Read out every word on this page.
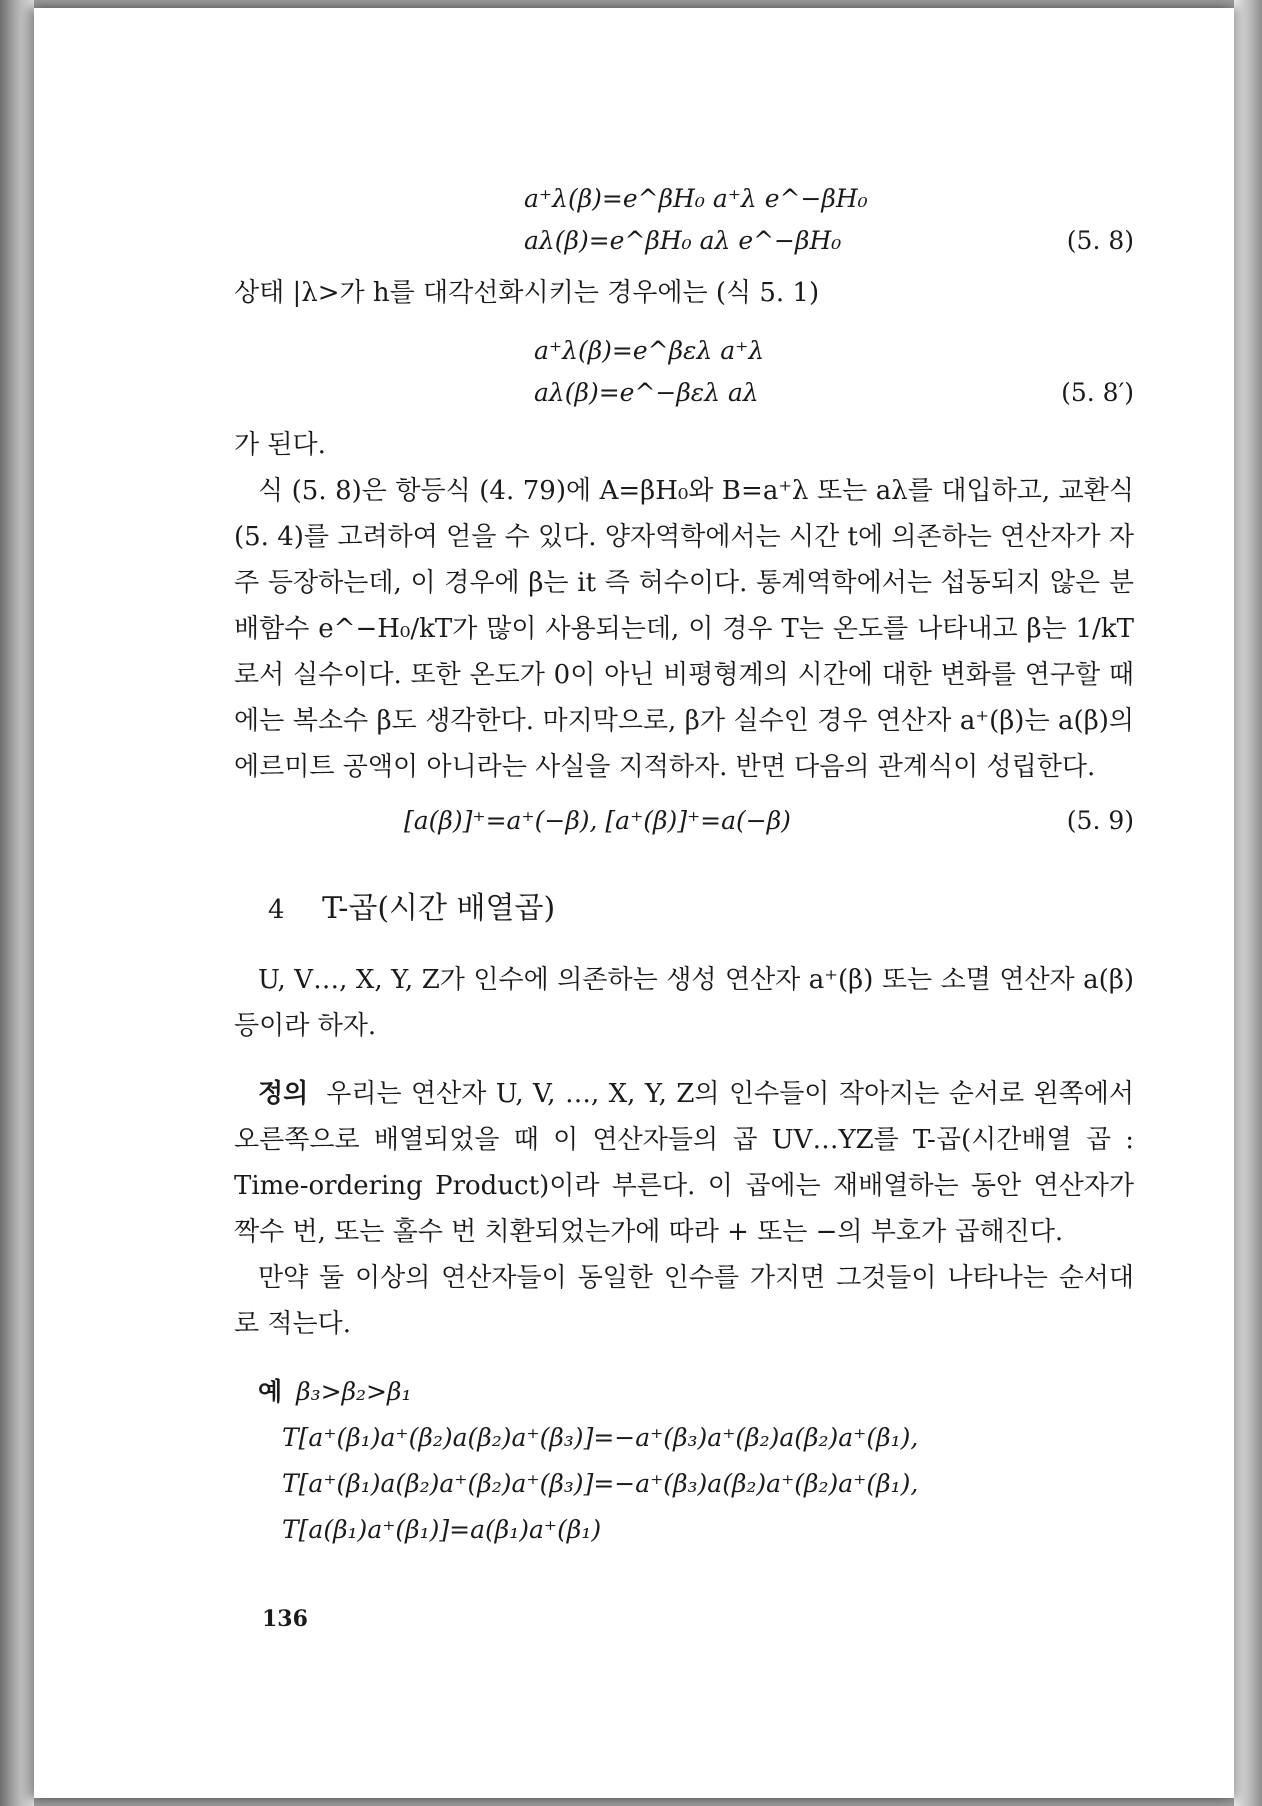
a⁺λ(β)=e^βH₀ a⁺λ e^−βH₀
aλ(β)=e^βH₀ aλ e^−βH₀	(5. 8)

상태 |λ>가 h를 대각선화시키는 경우에는 (식 5. 1)

a⁺λ(β)=e^βελ a⁺λ
aλ(β)=e^−βελ aλ	(5. 8′)

가 된다.

식 (5. 8)은 항등식 (4. 79)에 A=βH₀와 B=a⁺λ 또는 aλ를 대입하고, 교환식 (5. 4)를 고려하여 얻을 수 있다. 양자역학에서는 시간 t에 의존하는 연산자가 자주 등장하는데, 이 경우에 β는 it 즉 허수이다. 통계역학에서는 섭동되지 않은 분배함수 e^−H₀/kT가 많이 사용되는데, 이 경우 T는 온도를 나타내고 β는 1/kT로서 실수이다. 또한 온도가 0이 아닌 비평형계의 시간에 대한 변화를 연구할 때에는 복소수 β도 생각한다. 마지막으로, β가 실수인 경우 연산자 a⁺(β)는 a(β)의 에르미트 공액이 아니라는 사실을 지적하자. 반면 다음의 관계식이 성립한다.

[a(β)]⁺=a⁺(−β), [a⁺(β)]⁺=a(−β)	(5. 9)
4 T-곱(시간 배열곱)

U, V…, X, Y, Z가 인수에 의존하는 생성 연산자 a⁺(β) 또는 소멸 연산자 a(β) 등이라 하자.

정의 우리는 연산자 U, V, …, X, Y, Z의 인수들이 작아지는 순서로 왼쪽에서 오른쪽으로 배열되었을 때 이 연산자들의 곱 UV…YZ를 T-곱(시간배열 곱 : Time-ordering Product)이라 부른다. 이 곱에는 재배열하는 동안 연산자가 짝수 번, 또는 홀수 번 치환되었는가에 따라 + 또는 −의 부호가 곱해진다.

만약 둘 이상의 연산자들이 동일한 인수를 가지면 그것들이 나타나는 순서대로 적는다.

예 β₃>β₂>β₁
T[a⁺(β₁)a⁺(β₂)a(β₂)a⁺(β₃)]=−a⁺(β₃)a⁺(β₂)a(β₂)a⁺(β₁),
T[a⁺(β₁)a(β₂)a⁺(β₂)a⁺(β₃)]=−a⁺(β₃)a(β₂)a⁺(β₂)a⁺(β₁),
T[a(β₁)a⁺(β₁)]=a(β₁)a⁺(β₁)
136
